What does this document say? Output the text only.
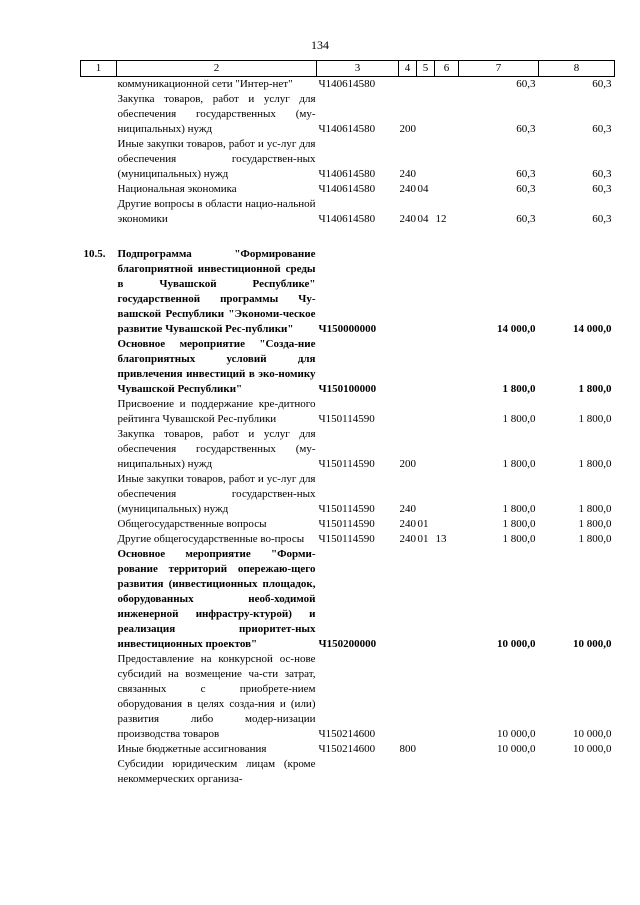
134
1	2	3	4	5	6	7	8
	коммуникационной сети "Интер-нет"	Ч140614580				60,3	60,3
	Закупка товаров, работ и услуг для обеспечения государственных (му-ниципальных) нужд	Ч140614580	200			60,3	60,3
	Иные закупки товаров, работ и ус-луг для обеспечения государствен-ных (муниципальных) нужд	Ч140614580	240			60,3	60,3
	Национальная экономика	Ч140614580	240	04		60,3	60,3
	Другие вопросы в области нацио-нальной экономики	Ч140614580	240	04	12	60,3	60,3

10.5.	Подпрограмма "Формирование благоприятной инвестиционной среды в Чувашской Республике" государственной программы Чу-вашской Республики "Экономи-ческое развитие Чувашской Рес-публики"	Ч150000000				14 000,0	14 000,0
	Основное мероприятие "Созда-ние благоприятных условий для привлечения инвестиций в эко-номику Чувашской Республики"	Ч150100000				1 800,0	1 800,0
	Присвоение и поддержание кре-дитного рейтинга Чувашской Рес-публики	Ч150114590				1 800,0	1 800,0
	Закупка товаров, работ и услуг для обеспечения государственных (му-ниципальных) нужд	Ч150114590	200			1 800,0	1 800,0
	Иные закупки товаров, работ и ус-луг для обеспечения государствен-ных (муниципальных) нужд	Ч150114590	240			1 800,0	1 800,0
	Общегосударственные вопросы	Ч150114590	240	01		1 800,0	1 800,0
	Другие общегосударственные во-просы	Ч150114590	240	01	13	1 800,0	1 800,0
	Основное мероприятие "Форми-рование территорий опережаю-щего развития (инвестиционных площадок, оборудованных необ-ходимой инженерной инфрастру-ктурой) и реализация приоритет-ных инвестиционных проектов"	Ч150200000				10 000,0	10 000,0
	Предоставление на конкурсной ос-нове субсидий на возмещение ча-сти затрат, связанных с приобрете-нием оборудования в целях созда-ния и (или) развития либо модер-низации производства товаров	Ч150214600				10 000,0	10 000,0
	Иные бюджетные ассигнования	Ч150214600	800			10 000,0	10 000,0
	Субсидии юридическим лицам (кроме некоммерческих организа-						
